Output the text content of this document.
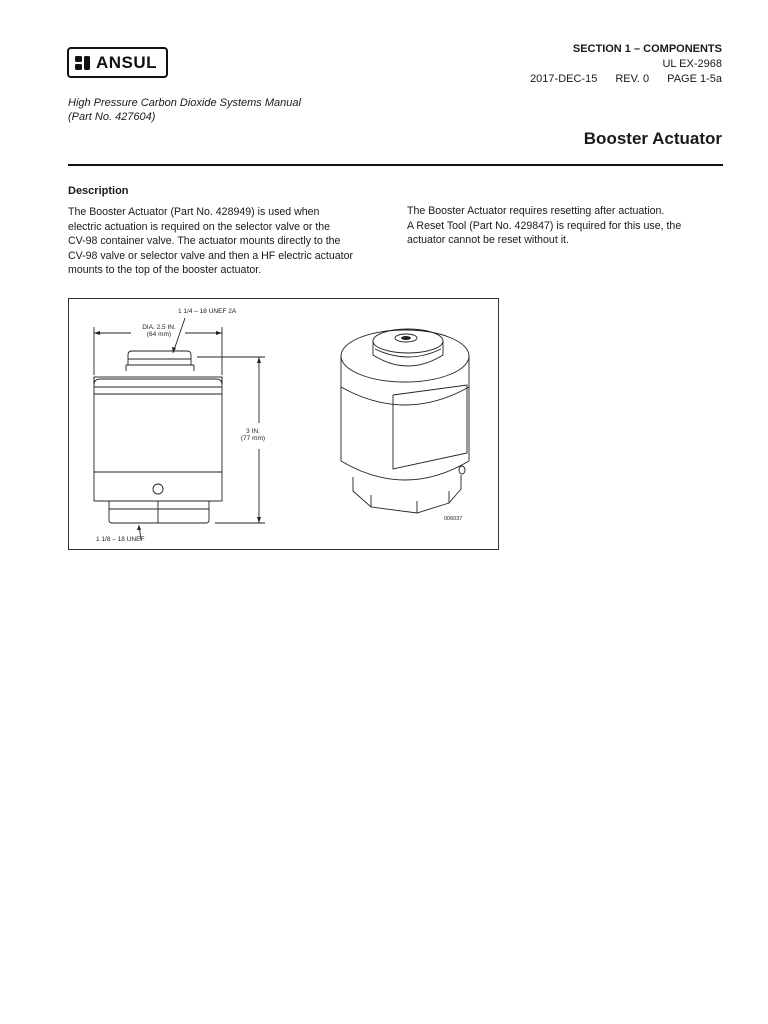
ANSUL
SECTION 1 – COMPONENTS
UL EX-2968
2017-DEC-15 REV. 0 PAGE 1-5a
High Pressure Carbon Dioxide Systems Manual
(Part No. 427604)
Booster Actuator
Description
The Booster Actuator (Part No. 428949) is used when
electric actuation is required on the selector valve or the
CV-98 container valve. The actuator mounts directly to the
CV-98 valve or selector valve and then a HF electric actuator
mounts to the top of the booster actuator.
The Booster Actuator requires resetting after actuation.
A Reset Tool (Part No. 429847) is required for this use, the
actuator cannot be reset without it.
1 1/4 – 18 UNEF 2A
DIA. 2.5 IN.
(64 mm)
3 IN.
(77 mm)
1 1/8 – 18 UNEF
006037
